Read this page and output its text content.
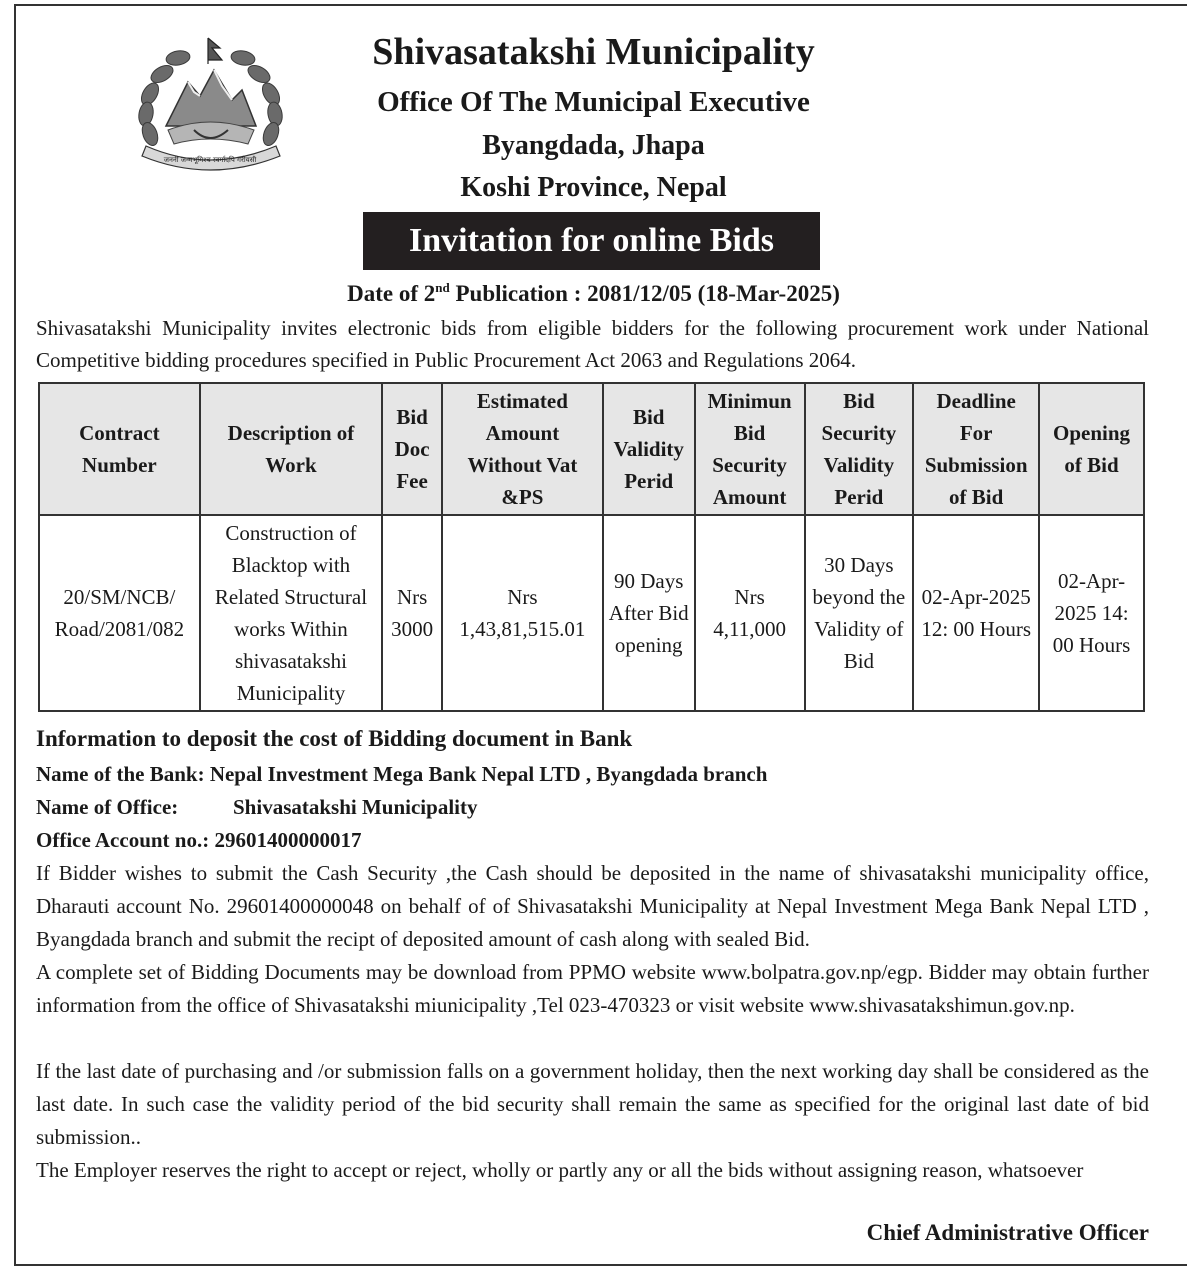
जननी जन्मभूमिश्च स्वर्गादपि गरीयसी
Shivasatakshi Municipality
Office Of The Municipal Executive
Byangdada, Jhapa
Koshi Province, Nepal
Invitation for online Bids
Date of 2nd Publication : 2081/12/05 (18-Mar-2025)
Shivasatakshi Municipality invites electronic bids from eligible bidders for the following procurement work under National Competitive bidding procedures specified in Public Procurement Act 2063 and Regulations 2064.
Contract Number	Description of Work	Bid Doc Fee	Estimated Amount Without Vat &PS	Bid Validity Perid	Minimun Bid Security Amount	Bid Security Validity Perid	Deadline For Submission of Bid	Opening of Bid
20/SM/NCB/ Road/2081/082	Construction of Blacktop with Related Structural works Within shivasatakshi Municipality	Nrs 3000	Nrs 1,43,81,515.01	90 Days After Bid opening	Nrs 4,11,000	30 Days beyond the Validity of Bid	02-Apr-2025 12: 00 Hours	02-Apr-2025 14: 00 Hours
Information to deposit the cost of Bidding document in Bank
Name of the Bank: Nepal Investment Mega Bank Nepal LTD , Byangdada branch
Name of Office:	Shivasatakshi Municipality
Office Account no.: 29601400000017
If Bidder wishes to submit the Cash Security ,the Cash should be deposited in the name of shivasatakshi municipality office, Dharauti account No. 29601400000048 on behalf of of Shivasatakshi Municipality at Nepal Investment Mega Bank Nepal LTD , Byangdada branch and submit the recipt of deposited amount of cash along with sealed Bid.
A complete set of Bidding Documents may be download from PPMO website www.bolpatra.gov.np/egp. Bidder may obtain further information from the office of Shivasatakshi miunicipality ,Tel 023-470323 or visit website www.shivasatakshimun.gov.np.
If the last date of purchasing and /or submission falls on a government holiday, then the next working day shall be considered as the last date. In such case the validity period of the bid security shall remain the same as specified for the original last date of bid submission..
The Employer reserves the right to accept or reject, wholly or partly any or all the bids without assigning reason, whatsoever
Chief Administrative Officer
